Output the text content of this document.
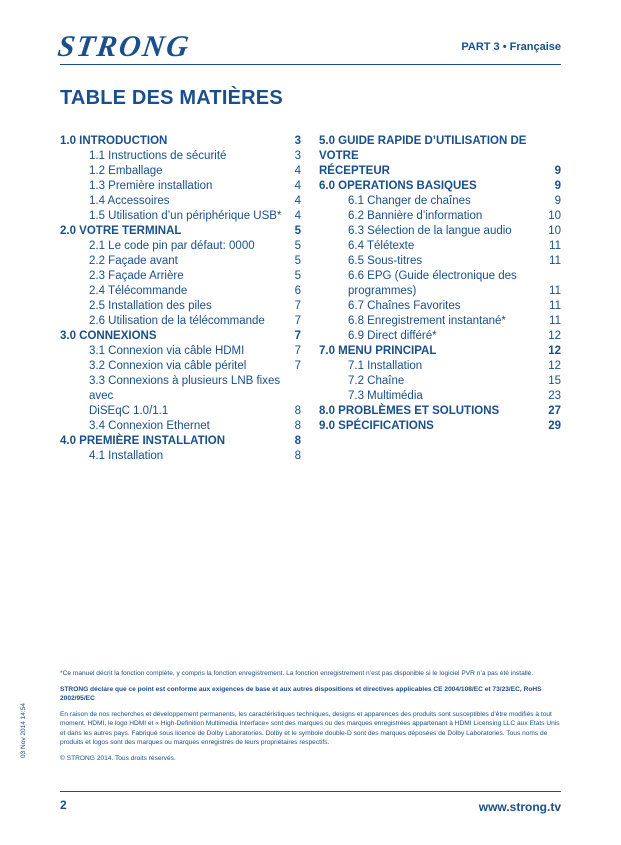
STRONG	PART 3 • Française
TABLE DES MATIÈRES
1.0 INTRODUCTION	3
1.1 Instructions de sécurité	3
1.2 Emballage	4
1.3 Première installation	4
1.4 Accessoires	4
1.5 Utilisation d’un périphérique USB*	4
2.0 VOTRE TERMINAL	5
2.1 Le code pin par défaut: 0000	5
2.2 Façade avant	5
2.3 Façade Arrière	5
2.4 Télécommande	6
2.5 Installation des piles	7
2.6 Utilisation de la télécommande	7
3.0 CONNEXIONS	7
3.1 Connexion via câble HDMI	7
3.2 Connexion via câble péritel	7
3.3 Connexions à plusieurs LNB fixes avec
DiSEqC 1.0/1.1	8
3.4 Connexion Ethernet	8
4.0 PREMIÈRE INSTALLATION	8
4.1 Installation	8
5.0 GUIDE RAPIDE D’UTILISATION DE VOTRE
RÉCEPTEUR	9
6.0 OPERATIONS BASIQUES	9
6.1 Changer de chaînes	9
6.2 Bannière d’information	10
6.3 Sélection de la langue audio	10
6.4 Télétexte	11
6.5 Sous-titres	11
6.6 EPG (Guide électronique des
programmes)	11
6.7 Chaînes Favorites	11
6.8 Enregistrement instantané*	11
6.9 Direct différé*	12
7.0 MENU PRINCIPAL	12
7.1 Installation	12
7.2 Chaîne	15
7.3 Multimédia	23
8.0 PROBLÈMES ET SOLUTIONS	27
9.0 SPÉCIFICATIONS	29

*Ce manuel décrit la fonction complète, y compris la fonction enregistrement. La fonction enregistrement n’est pas disponible si le logiciel PVR n’a pas été installé.

STRONG déclare que ce point est conforme aux exigences de base et aux autres dispositions et directives applicables CE 2004/108/EC et 73/23/EC, RoHS 2002/95/EC

En raison de nos recherches et développement permanents, les caractéristiques techniques, designs et apparences des produits sont susceptibles d’être modifiés à tout moment. HDMI, le logo HDMI et « High-Definition Multimedia Interface» sont des marques ou des marques enregistrées appartenant à HDMI Licensing LLC aux Etats Unis et dans les autres pays. Fabriqué sous licence de Dolby Laboratories. Dolby et le symbole double-D sont des marques déposées de Dolby Laboratories. Tous noms de produits et logos sont des marques ou marques enregistrés de leurs propriétaires respectifs.

© STRONG 2014. Tous droits réservés.

03 Nov 2014 14:54
2	www.strong.tv
